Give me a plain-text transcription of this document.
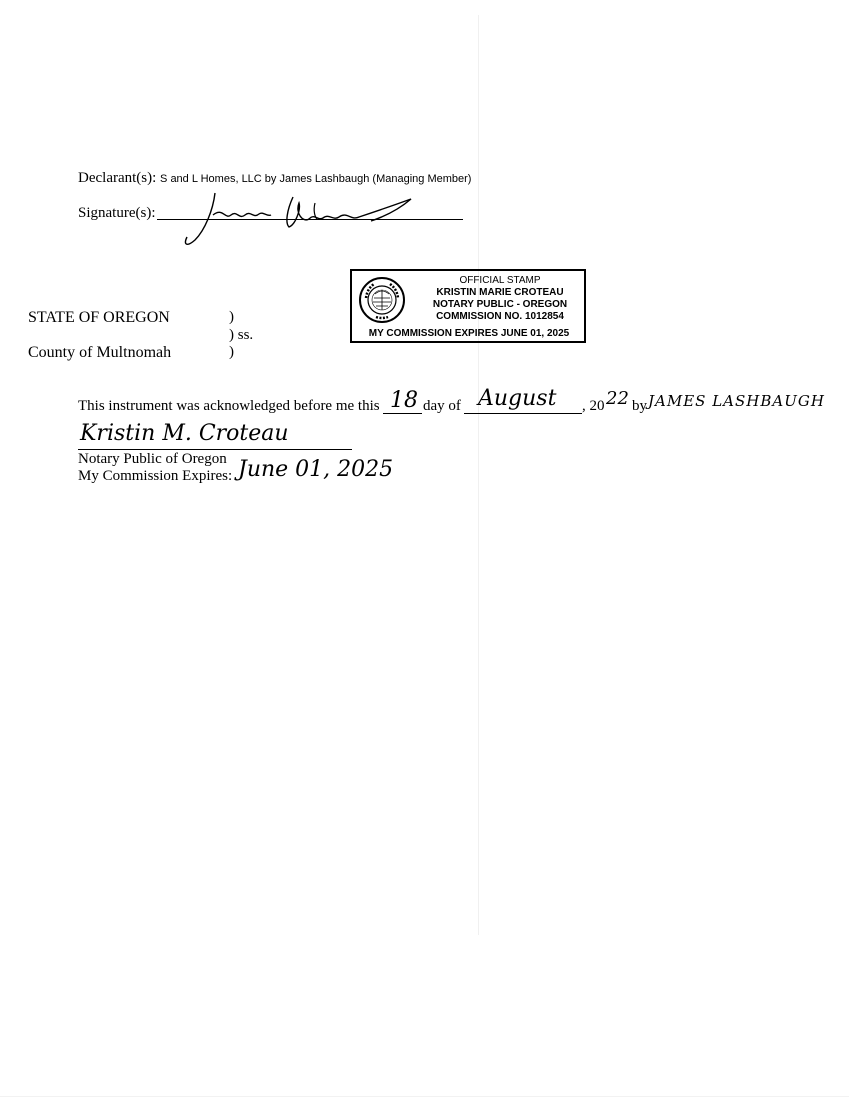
Declarant(s): S and L Homes, LLC by James Lashbaugh (Managing Member)
Signature(s):
STATE OF OREGON	)
) ss.
County of Multnomah	)
OFFICIAL STAMP
KRISTIN MARIE CROTEAU
NOTARY PUBLIC - OREGON
COMMISSION NO. 1012854
MY COMMISSION EXPIRES JUNE 01, 2025
This instrument was acknowledged before me this 18 day of August , 20 22 by JAMES LASHBAUGH
Kristin M. Croteau
Notary Public of Oregon
My Commission Expires: June 01, 2025
